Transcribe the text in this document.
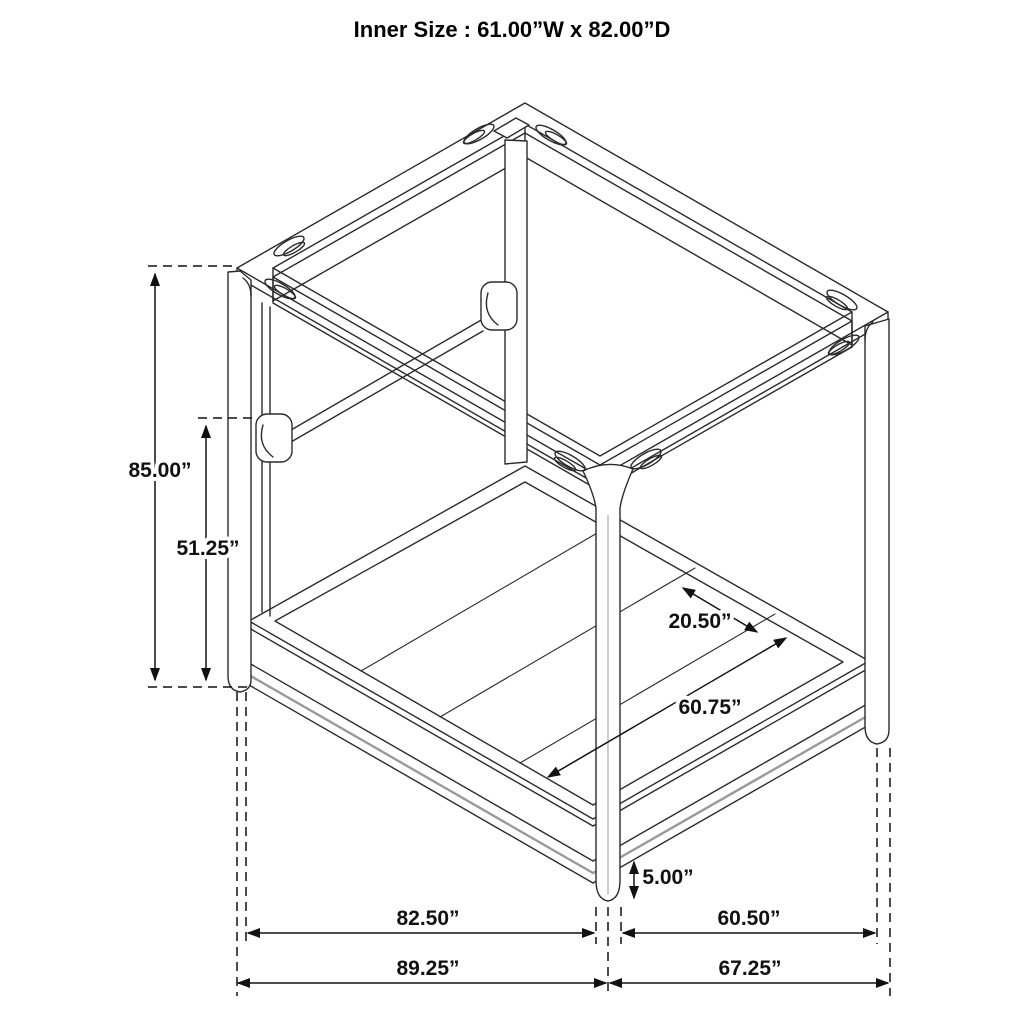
85.00”
51.25”
20.50”
60.75”
5.00”
82.50”	60.50”
89.25”	67.25”
Inner Size : 61.00”W x 82.00”D
